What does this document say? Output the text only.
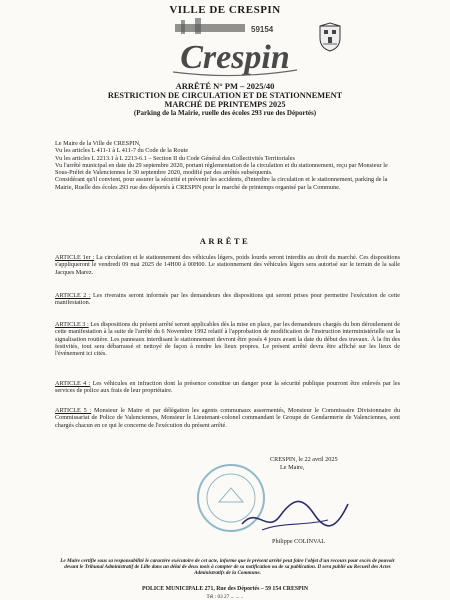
VILLE DE CRESPIN
59154
Crespin
ARRÊTÉ N° PM – 2025/40
RESTRICTION DE CIRCULATION ET DE STATIONNEMENT
MARCHÉ DE PRINTEMPS 2025
(Parking de la Mairie, ruelle des écoles 293 rue des Déportés)

Le Maire de la Ville de CRESPIN,

Vu les articles L 411-1 à L 411-7 du Code de la Route

Vu les articles L 2213.1 à L 2213-6.1 – Section II du Code Général des Collectivités Territoriales

Vu l'arrêté municipal en date du 29 septembre 2020, portant réglementation de la circulation et du stationnement, reçu par Monsieur le Sous-Préfet de Valenciennes le 30 septembre 2020, modifié par des arrêtés subséquents.

Considérant qu'il convient, pour assurer la sécurité et prévenir les accidents, d'interdire la circulation et le stationnement, parking de la Mairie, Ruelle des écoles 293 rue des déportés à CRESPIN pour le marché de printemps organisé par la Commune.

ARRÊTE
ARTICLE 1er : La circulation et le stationnement des véhicules légers, poids lourds seront interdits au droit du marché. Ces dispositions s'appliqueront le vendredi 09 mai 2025 de 14H00 à 00H00. Le stationnement des véhicules légers sera autorisé sur le terrain de la salle Jacques Marez.
ARTICLE 2 : Les riverains seront informés par les demandeurs des dispositions qui seront prises pour permettre l'exécution de cette manifestation.
ARTICLE 3 : Les dispositions du présent arrêté seront applicables dès la mise en place, par les demandeurs chargés du bon déroulement de cette manifestation à la suite de l'arrêté du 6 Novembre 1992 relatif à l'approbation de modification de l'instruction interministérielle sur la signalisation routière. Les panneaux interdisant le stationnement devront être posés 4 jours avant la date du début des travaux. À la fin des festivités, tout sera débarrassé et nettoyé de façon à rendre les lieux propres. Le présent arrêté devra être affiché sur les lieux de l'événement ici cités.
ARTICLE 4 : Les véhicules en infraction dont la présence constitue un danger pour la sécurité publique pourront être enlevés par les services de police aux frais de leur propriétaire.
ARTICLE 5 : Monsieur le Maire et par délégation les agents communaux assermentés, Monsieur le Commissaire Divisionnaire du Commissariat de Police de Valenciennes, Monsieur le Lieutenant-colonel commandant le Groupe de Gendarmerie de Valenciennes, sont chargés chacun en ce qui le concerne de l'exécution du présent arrêté.
CRESPIN, le 22 avril 2025
Le Maire,
Philippe COLINVAL
Le Maire certifie sous sa responsabilité le caractère exécutoire de cet acte, informe que le présent arrêté peut faire l'objet d'un recours pour excès de pouvoir devant le Tribunal Administratif de Lille dans un délai de deux mois à compter de sa notification ou de sa publication. Il sera publié au Recueil des Actes Administratifs de la Commune.
POLICE MUNICIPALE 271, Rue des Déportés – 59 154 CRESPIN
Tél : 03 27 ... ... ..
